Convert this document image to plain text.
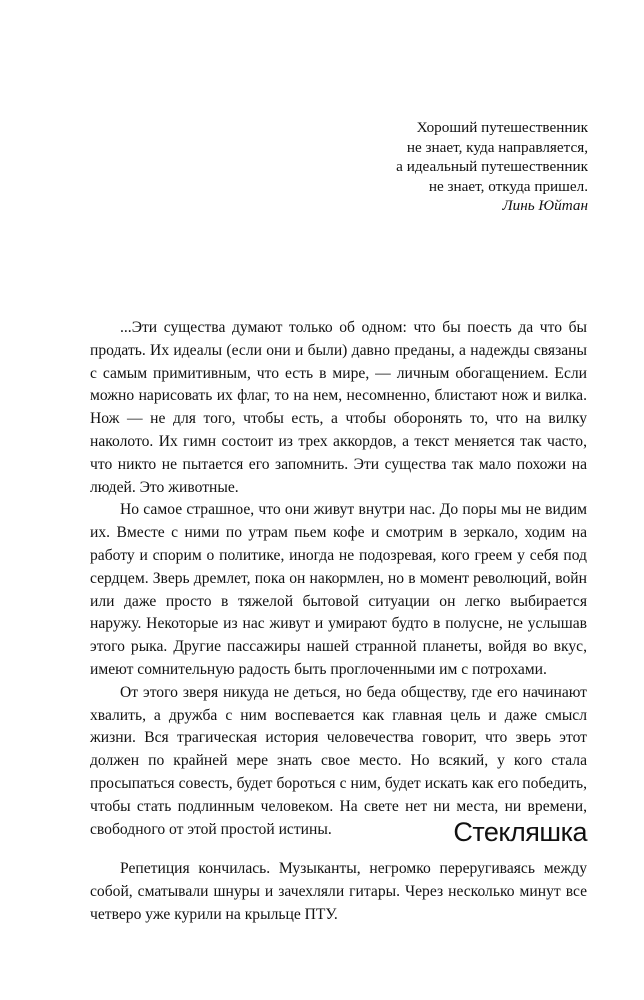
Хороший путешественник
не знает, куда направляется,
а идеальный путешественник
не знает, откуда пришел.
Линь Юйтан

...Эти существа думают только об одном: что бы поесть да что бы продать. Их идеалы (если они и были) давно преданы, а надежды связаны с самым примитивным, что есть в мире, — личным обогащением. Если можно нарисовать их флаг, то на нем, несомненно, блистают нож и вилка. Нож — не для того, чтобы есть, а чтобы оборонять то, что на вилку наколото. Их гимн состоит из трех аккордов, а текст меняется так часто, что никто не пытается его запомнить. Эти существа так мало похожи на людей. Это животные.

Но самое страшное, что они живут внутри нас. До поры мы не видим их. Вместе с ними по утрам пьем кофе и смотрим в зеркало, ходим на работу и спорим о политике, иногда не подозревая, кого греем у себя под сердцем. Зверь дремлет, пока он накормлен, но в момент революций, войн или даже просто в тяжелой бытовой ситуации он легко выбирается наружу. Некоторые из нас живут и умирают будто в полусне, не услышав этого рыка. Другие пассажиры нашей странной планеты, войдя во вкус, имеют сомнительную радость быть проглоченными им с потрохами.

От этого зверя никуда не деться, но беда обществу, где его начинают хвалить, а дружба с ним воспевается как главная цель и даже смысл жизни. Вся трагическая история человечества говорит, что зверь этот должен по крайней мере знать свое место. Но всякий, у кого стала просыпаться совесть, будет бороться с ним, будет искать как его победить, чтобы стать подлинным человеком. На свете нет ни места, ни времени, свободного от этой простой истины.	Стекляшка

Репетиция кончилась. Музыканты, негромко переругиваясь между собой, сматывали шнуры и зачехляли гитары. Через несколько минут все четверо уже курили на крыльце ПТУ.
